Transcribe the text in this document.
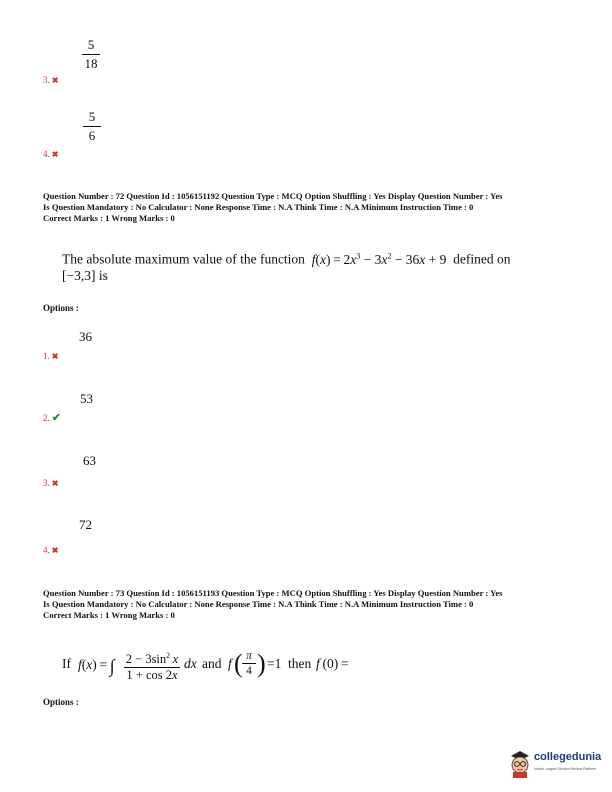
5
18
3. ✖
5
6
4. ✖
Question Number : 72 Question Id : 1056151192 Question Type : MCQ Option Shuffling : Yes Display Question Number : Yes
Is Question Mandatory : No Calculator : None Response Time : N.A Think Time : N.A Minimum Instruction Time : 0
Correct Marks : 1 Wrong Marks : 0
The absolute maximum value of the function $f(x) = 2x^3 - 3x^2 - 36x + 9$ defined on
[−3,3] is
Options :
36
1. ✖
53
2. ✔
63
3. ✖
72
4. ✖
Question Number : 73 Question Id : 1056151193 Question Type : MCQ Option Shuffling : Yes Display Question Number : Yes
Is Question Mandatory : No Calculator : None Response Time : N.A Think Time : N.A Minimum Instruction Time : 0
Correct Marks : 1 Wrong Marks : 0
If f(x) = ∫ $2 - 3\sin^2$  x
1 + cos 2x
dx and f ( π
4 ) =1 then f (0) =
Options :
collegedunia
India's Largest Student Review Platform
